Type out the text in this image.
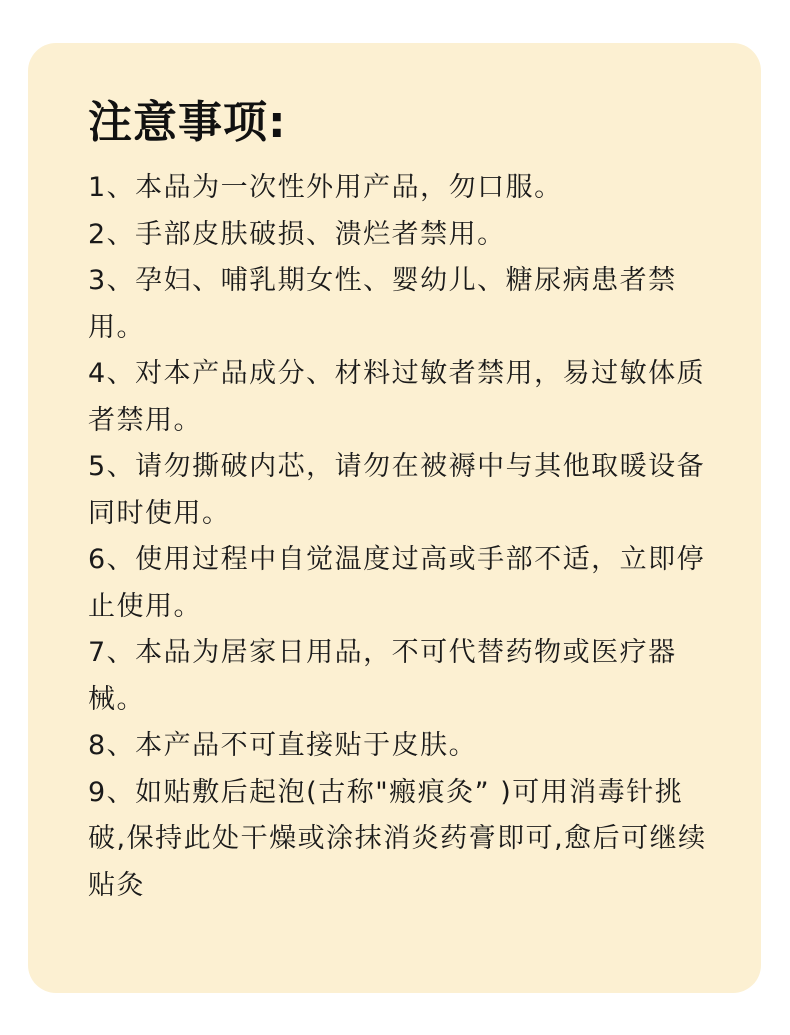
注意事项:
1、本品为一次性外用产品，勿口服。
2、手部皮肤破损、溃烂者禁用。
3、孕妇、哺乳期女性、婴幼儿、糖尿病患者禁用。
4、对本产品成分、材料过敏者禁用，易过敏体质者禁用。
5、请勿撕破内芯，请勿在被褥中与其他取暖设备同时使用。
6、使用过程中自觉温度过高或手部不适，立即停止使用。
7、本品为居家日用品，不可代替药物或医疗器械。
8、本产品不可直接贴于皮肤。
9、如贴敷后起泡(古称"瘢痕灸” )可用消毒针挑破,保持此处干燥或涂抹消炎药膏即可,愈后可继续贴灸
